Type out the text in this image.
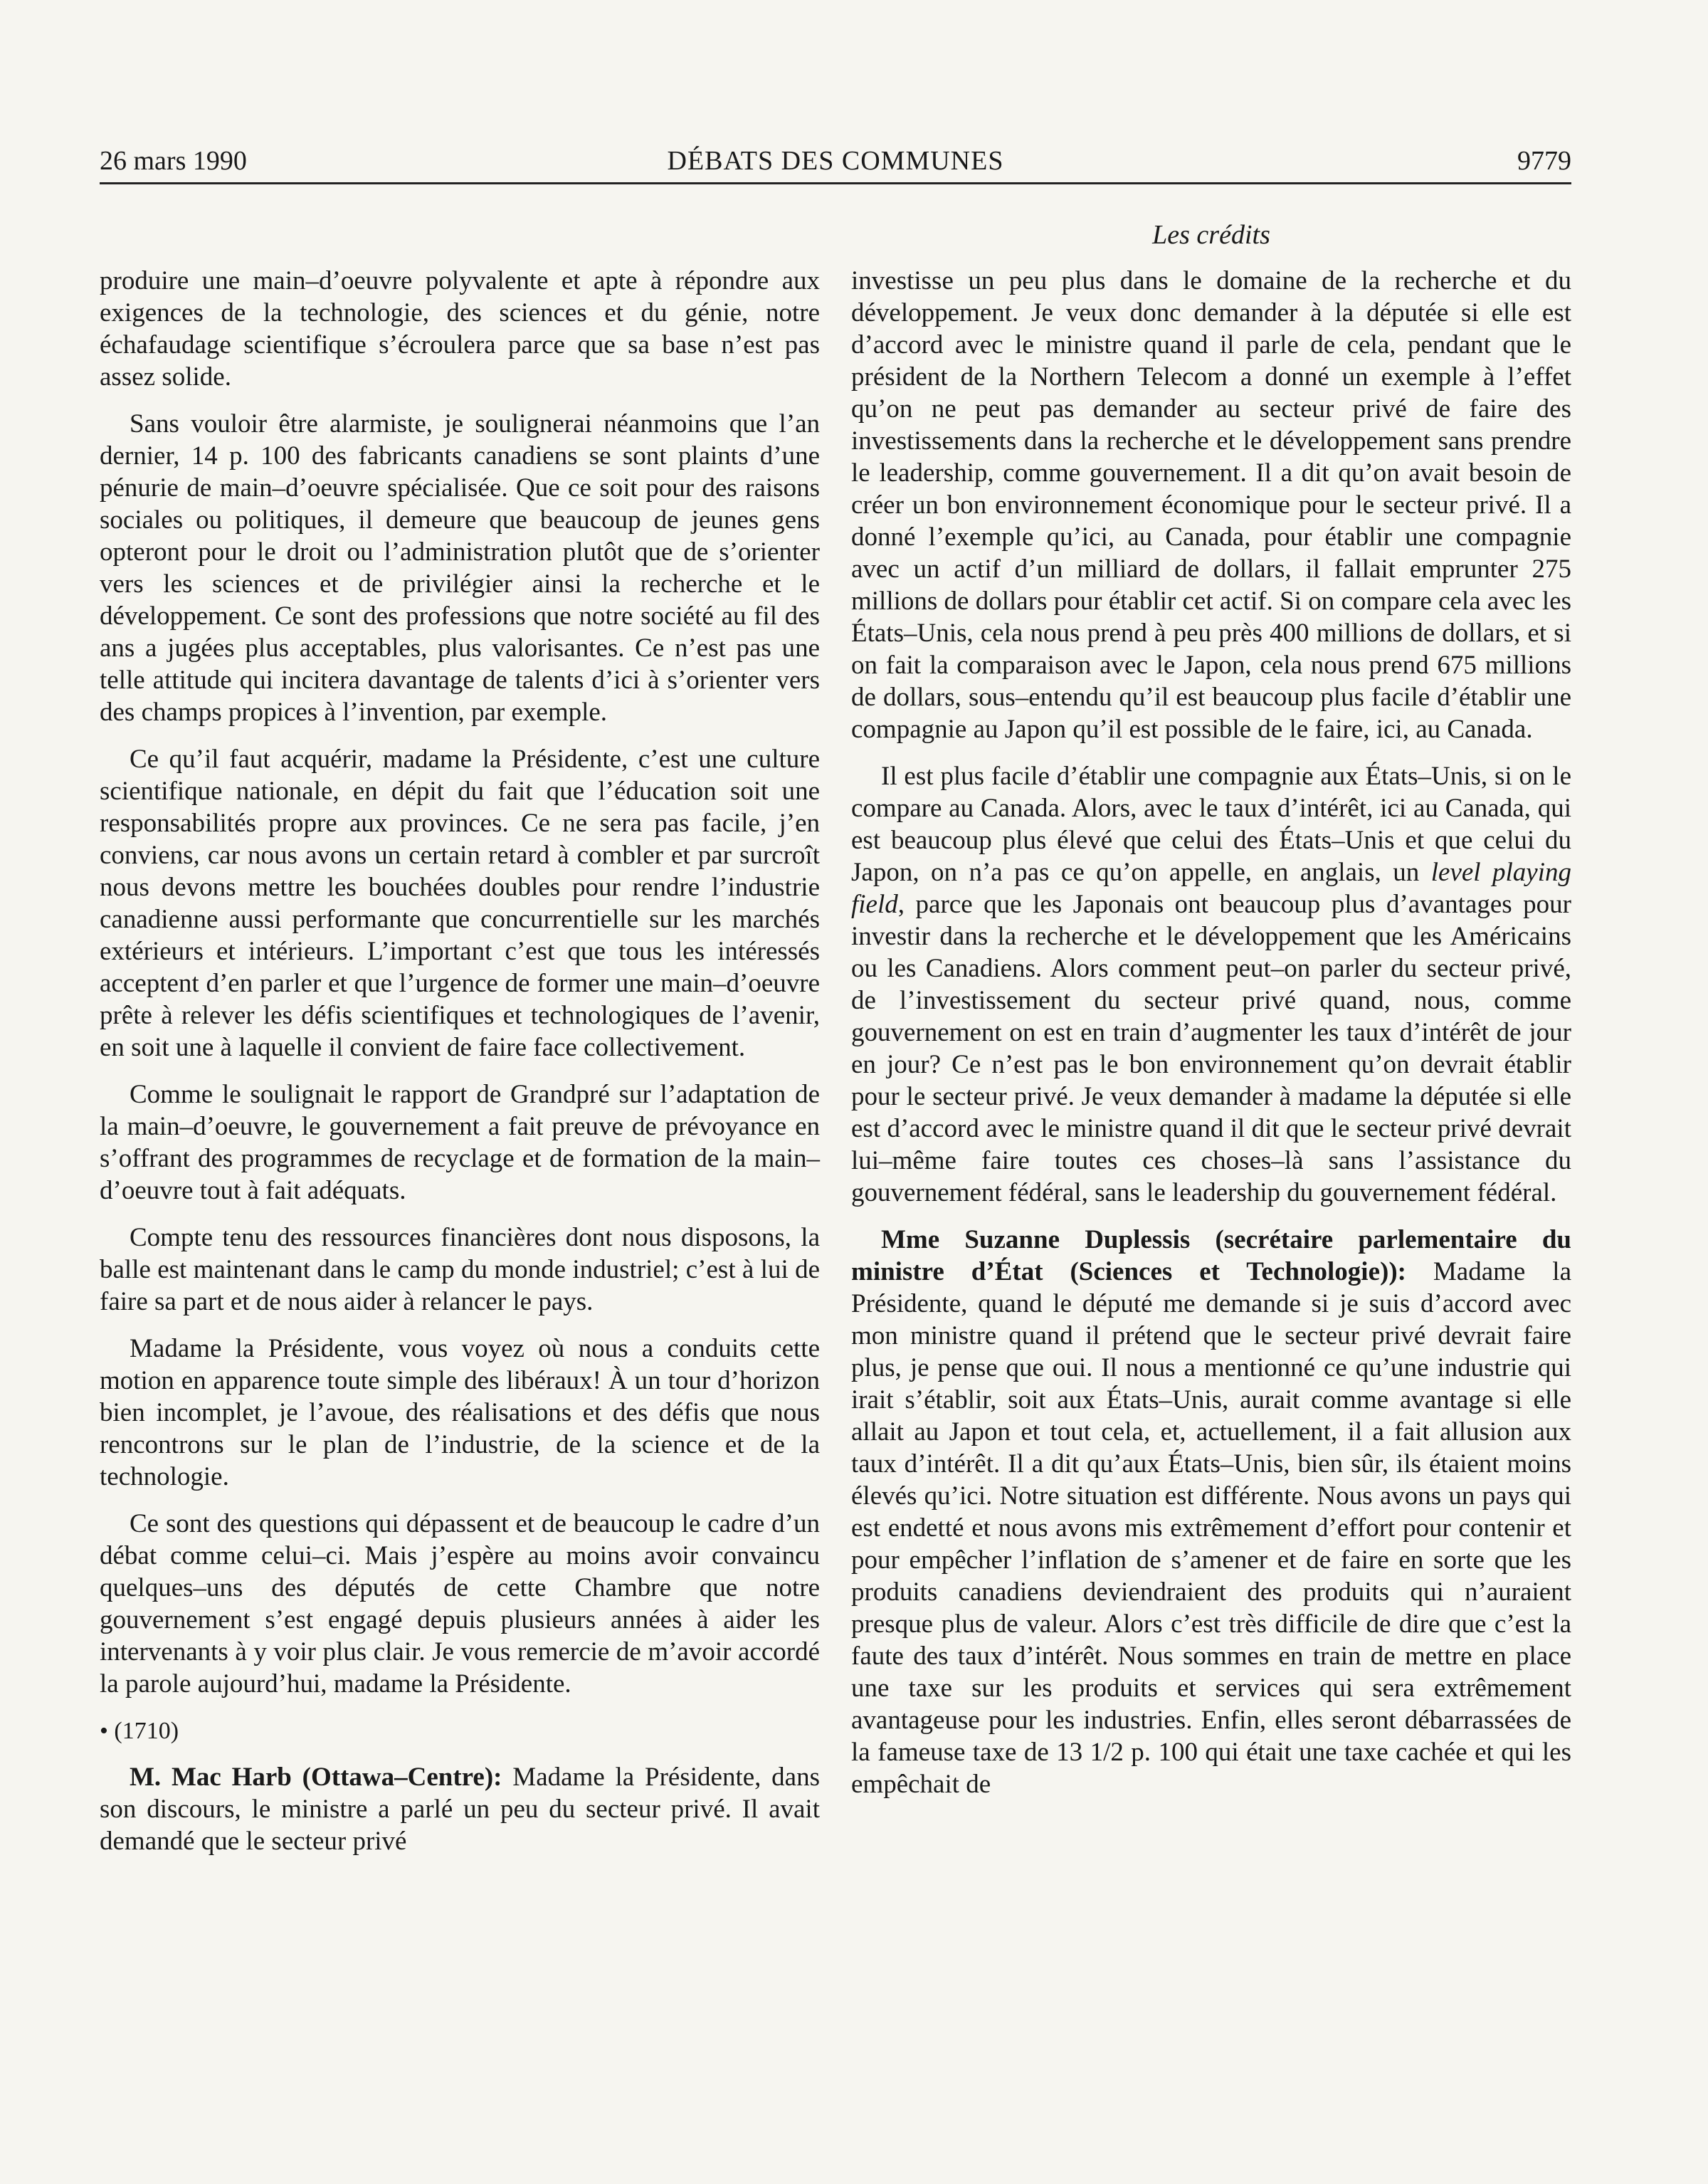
26 mars 1990	DÉBATS DES COMMUNES	9779
Les crédits

produire une main–d’oeuvre polyvalente et apte à répondre aux exigences de la technologie, des sciences et du génie, notre échafaudage scientifique s’écroulera parce que sa base n’est pas assez solide.

Sans vouloir être alarmiste, je soulignerai néanmoins que l’an dernier, 14 p. 100 des fabricants canadiens se sont plaints d’une pénurie de main–d’oeuvre spécialisée. Que ce soit pour des raisons sociales ou politiques, il demeure que beaucoup de jeunes gens opteront pour le droit ou l’administration plutôt que de s’orienter vers les sciences et de privilégier ainsi la recherche et le développement. Ce sont des professions que notre société au fil des ans a jugées plus acceptables, plus valorisantes. Ce n’est pas une telle attitude qui incitera davantage de talents d’ici à s’orienter vers des champs propices à l’invention, par exemple.

Ce qu’il faut acquérir, madame la Présidente, c’est une culture scientifique nationale, en dépit du fait que l’éducation soit une responsabilités propre aux provinces. Ce ne sera pas facile, j’en conviens, car nous avons un certain retard à combler et par surcroît nous devons mettre les bouchées doubles pour rendre l’industrie canadienne aussi performante que concurrentielle sur les marchés extérieurs et intérieurs. L’important c’est que tous les intéressés acceptent d’en parler et que l’urgence de former une main–d’oeuvre prête à relever les défis scientifiques et technologiques de l’avenir, en soit une à laquelle il convient de faire face collectivement.

Comme le soulignait le rapport de Grandpré sur l’adaptation de la main–d’oeuvre, le gouvernement a fait preuve de prévoyance en s’offrant des programmes de recyclage et de formation de la main–d’oeuvre tout à fait adéquats.

Compte tenu des ressources financières dont nous disposons, la balle est maintenant dans le camp du monde industriel; c’est à lui de faire sa part et de nous aider à relancer le pays.

Madame la Présidente, vous voyez où nous a conduits cette motion en apparence toute simple des libéraux! À un tour d’horizon bien incomplet, je l’avoue, des réalisations et des défis que nous rencontrons sur le plan de l’industrie, de la science et de la technologie.

Ce sont des questions qui dépassent et de beaucoup le cadre d’un débat comme celui–ci. Mais j’espère au moins avoir convaincu quelques–uns des députés de cette Chambre que notre gouvernement s’est engagé depuis plusieurs années à aider les intervenants à y voir plus clair. Je vous remercie de m’avoir accordé la parole aujourd’hui, madame la Présidente.

• (1710)

M. Mac Harb (Ottawa–Centre): Madame la Présidente, dans son discours, le ministre a parlé un peu du secteur privé. Il avait demandé que le secteur privé

investisse un peu plus dans le domaine de la recherche et du développement. Je veux donc demander à la députée si elle est d’accord avec le ministre quand il parle de cela, pendant que le président de la Northern Telecom a donné un exemple à l’effet qu’on ne peut pas demander au secteur privé de faire des investissements dans la recherche et le développement sans prendre le leadership, comme gouvernement. Il a dit qu’on avait besoin de créer un bon environnement économique pour le secteur privé. Il a donné l’exemple qu’ici, au Canada, pour établir une compagnie avec un actif d’un milliard de dollars, il fallait emprunter 275 millions de dollars pour établir cet actif. Si on compare cela avec les États–Unis, cela nous prend à peu près 400 millions de dollars, et si on fait la comparaison avec le Japon, cela nous prend 675 millions de dollars, sous–entendu qu’il est beaucoup plus facile d’établir une compagnie au Japon qu’il est possible de le faire, ici, au Canada.

Il est plus facile d’établir une compagnie aux États–Unis, si on le compare au Canada. Alors, avec le taux d’intérêt, ici au Canada, qui est beaucoup plus élevé que celui des États–Unis et que celui du Japon, on n’a pas ce qu’on appelle, en anglais, un level playing field, parce que les Japonais ont beaucoup plus d’avantages pour investir dans la recherche et le développement que les Américains ou les Canadiens. Alors comment peut–on parler du secteur privé, de l’investissement du secteur privé quand, nous, comme gouvernement on est en train d’augmenter les taux d’intérêt de jour en jour? Ce n’est pas le bon environnement qu’on devrait établir pour le secteur privé. Je veux demander à madame la députée si elle est d’accord avec le ministre quand il dit que le secteur privé devrait lui–même faire toutes ces choses–là sans l’assistance du gouvernement fédéral, sans le leadership du gouvernement fédéral.

Mme Suzanne Duplessis (secrétaire parlementaire du ministre d’État (Sciences et Technologie)): Madame la Présidente, quand le député me demande si je suis d’accord avec mon ministre quand il prétend que le secteur privé devrait faire plus, je pense que oui. Il nous a mentionné ce qu’une industrie qui irait s’établir, soit aux États–Unis, aurait comme avantage si elle allait au Japon et tout cela, et, actuellement, il a fait allusion aux taux d’intérêt. Il a dit qu’aux États–Unis, bien sûr, ils étaient moins élevés qu’ici. Notre situation est différente. Nous avons un pays qui est endetté et nous avons mis extrêmement d’effort pour contenir et pour empêcher l’inflation de s’amener et de faire en sorte que les produits canadiens deviendraient des produits qui n’auraient presque plus de valeur. Alors c’est très difficile de dire que c’est la faute des taux d’intérêt. Nous sommes en train de mettre en place une taxe sur les produits et services qui sera extrêmement avantageuse pour les industries. Enfin, elles seront débarrassées de la fameuse taxe de 13 1/2 p. 100 qui était une taxe cachée et qui les empêchait de
